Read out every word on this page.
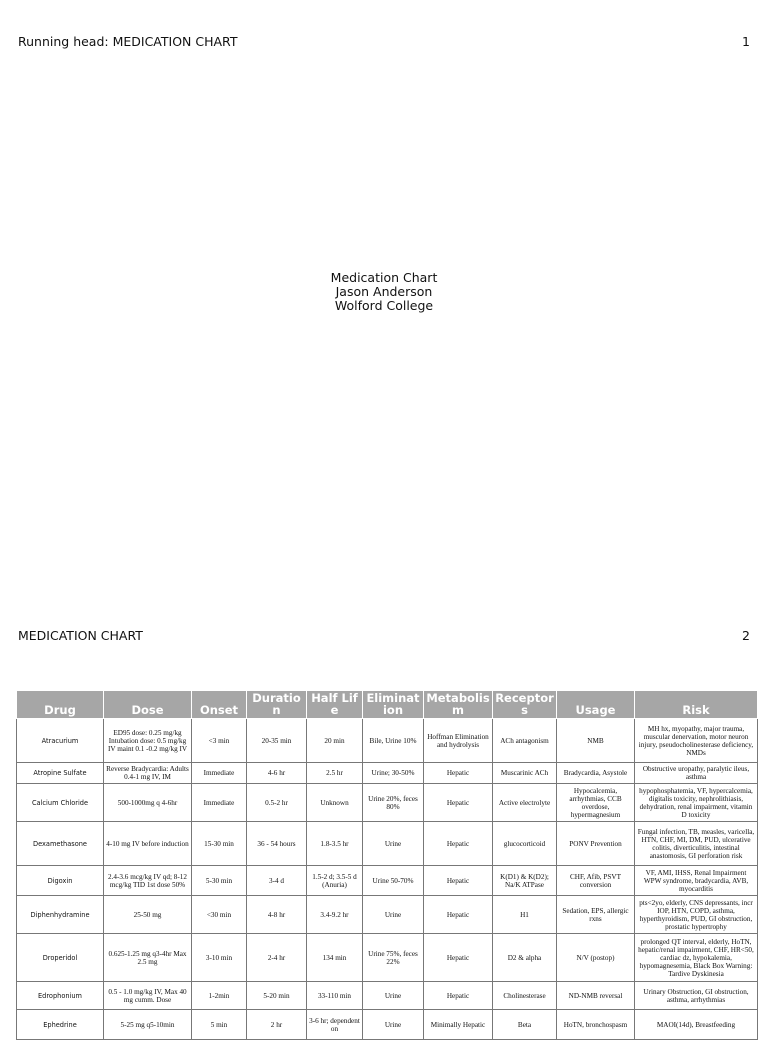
Running head: MEDICATION CHART	1
Medication Chart
Jason Anderson
Wolford College
MEDICATION CHART	2
Drug	Dose	Onset	Duration	Half Life	Elimination	Metabolism	Receptors	Usage	Risk
Atracurium	ED95 dose: 0.25 mg/kg Intubation dose: 0.5 mg/kg IV maint 0.1 -0.2 mg/kg IV	<3 min	20-35 min	20 min	Bile, Urine 10%	Hoffman Elimination and hydrolysis	ACh antagonism	NMB	MH hx, myopathy, major trauma, muscular denervation, motor neuron injury, pseudocholinesterase deficiency, NMDs
Atropine Sulfate	Reverse Bradycardia: Adults 0.4-1 mg IV, IM	Immediate	4-6 hr	2.5 hr	Urine; 30-50%	Hepatic	Muscarinic ACh	Bradycardia, Asystole	Obstructive uropathy, paralytic ileus, asthma
Calcium Chloride	500-1000mg q 4-6hr	Immediate	0.5-2 hr	Unknown	Urine 20%, feces 80%	Hepatic	Active electrolyte	Hypocalcemia, arrhythmias, CCB overdose, hypermagnesium	hypophosphatemia, VF, hypercalcemia, digitalis toxicity, nephrolithiasis, dehydration, renal impairment, vitamin D toxicity
Dexamethasone	4-10 mg IV before induction	15-30 min	36 - 54 hours	1.8-3.5 hr	Urine	Hepatic	glucocorticoid	PONV Prevention	Fungal infection, TB, measles, varicella, HTN, CHF, MI, DM, PUD, ulcerative colitis, diverticulitis, intestinal anastomosis, GI perforation risk
Digoxin	2.4-3.6 mcg/kg IV qd; 8-12 mcg/kg TID 1st dose 50%	5-30 min	3-4 d	1.5-2 d; 3.5-5 d (Anuria)	Urine 50-70%	Hepatic	K(D1) & K(D2); Na/K ATPase	CHF, Afib, PSVT conversion	VF, AMI, IHSS, Renal Impairment WPW syndrome, bradycardia, AVB, myocarditis
Diphenhydramine	25-50 mg	<30 min	4-8 hr	3.4-9.2 hr	Urine	Hepatic	H1	Sedation, EPS, allergic rxns	pts<2yo, elderly, CNS depressants, incr IOP, HTN, COPD, asthma, hyperthyroidism, PUD, GI obstruction, prostatic hypertrophy
Droperidol	0.625-1.25 mg q3-4hr Max 2.5 mg	3-10 min	2-4 hr	134 min	Urine 75%, feces 22%	Hepatic	D2 & alpha	N/V (postop)	prolonged QT interval, elderly, HoTN, hepatic/renal impairment, CHF, HR<50, cardiac dz, hypokalemia, hypomagnesemia, Black Box Warning: Tardive Dyskinesia
Edrophonium	0.5 - 1.0 mg/kg IV, Max 40 mg cumm. Dose	1-2min	5-20 min	33-110 min	Urine	Hepatic	Cholinesterase	ND-NMB reversal	Urinary Obstruction, GI obstruction, asthma, arrhythmias
Ephedrine	5-25 mg q5-10min	5 min	2 hr	3-6 hr; dependent on	Urine	Minimally Hepatic	Beta	HoTN, bronchospasm	MAOI(14d), Breastfeeding
